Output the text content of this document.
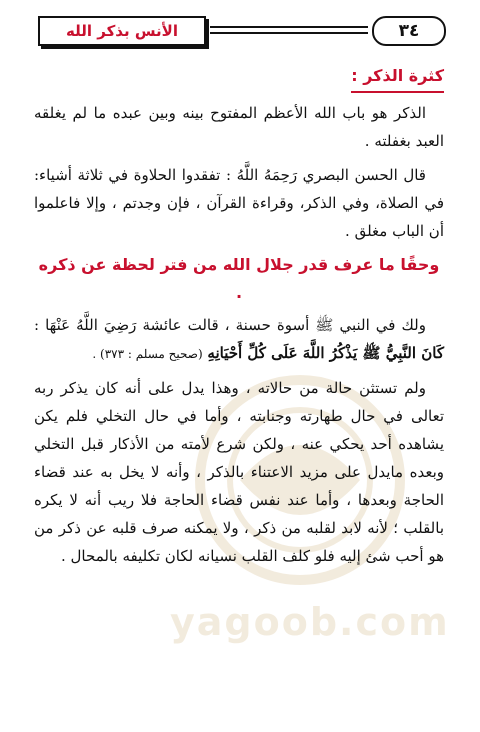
الأنس بذكر الله	٣٤
yagoob.com
كثرة الذكر :

الذكر هو باب الله الأعظم المفتوح بينه وبين عبده ما لم يغلقه العبد بغفلته .

قال الحسن البصري رَحِمَهُ اللَّهُ : تفقدوا الحلاوة في ثلاثة أشياء: في الصلاة، وفي الذكر، وقراءة القرآن ، فإن وجدتم ، وإلا فاعلموا أن الباب مغلق .

وحقًا ما عرف قدر جلال الله من فتر لحظة عن ذكره .

ولك في النبي ﷺ أسوة حسنة ، قالت عائشة رَضِيَ اللَّهُ عَنْهَا : كَانَ النَّبِيُّ ﷺ يَذْكُرُ اللَّهَ عَلَى كُلِّ أَحْيَانِهِ (صحيح مسلم : ٣٧٣) .

ولم تستثن حالة من حالاته ، وهذا يدل على أنه كان يذكر ربه تعالى في حال طهارته وجنابته ، وأما في حال التخلي فلم يكن يشاهده أحد يحكي عنه ، ولكن شرع لأمته من الأذكار قبل التخلي وبعده مايدل على مزيد الاعتناء بالذكر ، وأنه لا يخل به عند قضاء الحاجة وبعدها ، وأما عند نفس قضاء الحاجة فلا ريب أنه لا يكره بالقلب ؛ لأنه لابد لقلبه من ذكر ، ولا يمكنه صرف قلبه عن ذكر من هو أحب شئ إليه فلو كلف القلب نسيانه لكان تكليفه بالمحال .
